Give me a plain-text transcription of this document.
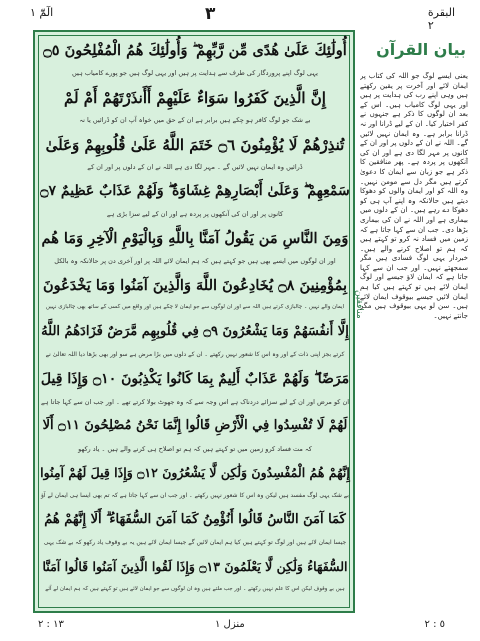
الٓمّٓ ١	٣	البقرة ٢
أُولَٰئِكَ عَلَىٰ هُدًى مِّن رَّبِّهِمْ ۖ وَأُولَٰئِكَ هُمُ الْمُفْلِحُونَ ۝٥
یہی لوگ اپنے پروردگار کی طرف سے ہدایت پر ہیں اور یہی لوگ ہیں جو پورے کامیاب ہیں
إِنَّ الَّذِينَ كَفَرُوا سَوَاءٌ عَلَيْهِمْ أَأَنذَرْتَهُمْ أَمْ لَمْ
بے شک جو لوگ کافر ہو چکے ہیں برابر ہے ان کے حق میں خواہ آپ ان کو ڈرائیں یا نہ
تُنذِرْهُمْ لَا يُؤْمِنُونَ ۝٦ خَتَمَ اللَّهُ عَلَىٰ قُلُوبِهِمْ وَعَلَىٰ
ڈرائیں وہ ایمان نہیں لائیں گے ۔ مہر لگا دی ہے اللہ نے ان کے دلوں پر اور ان کے
سَمْعِهِمْ ۖ وَعَلَىٰ أَبْصَارِهِمْ غِشَاوَةٌ ۖ وَلَهُمْ عَذَابٌ عَظِيمٌ ۝٧
کانوں پر اور ان کی آنکھوں پر پردہ ہے اور ان کے لیے سزا بڑی ہے
وَمِنَ النَّاسِ مَن يَقُولُ آمَنَّا بِاللَّهِ وَبِالْيَوْمِ الْآخِرِ وَمَا هُم
اور ان لوگوں میں ایسے بھی ہیں جو کہتے ہیں کہ ہم ایمان لائے اللہ پر اور آخری دن پر حالانکہ وہ بالکل
بِمُؤْمِنِينَ ۝٨ يُخَادِعُونَ اللَّهَ وَالَّذِينَ آمَنُوا وَمَا يَخْدَعُونَ
ایمان والے نہیں ۔ چالبازی کرتے ہیں اللہ سے اور ان لوگوں سے جو ایمان لا چکے ہیں اور واقع میں کسی کے ساتھ بھی چالبازی نہیں
إِلَّا أَنفُسَهُمْ وَمَا يَشْعُرُونَ ۝٩ فِي قُلُوبِهِم مَّرَضٌ فَزَادَهُمُ اللَّهُ
کرتے بجز اپنی ذات کے اور وہ اس کا شعور نہیں رکھتے ۔ ان کے دلوں میں بڑا مرض ہے سو اور بھی بڑھا دیا اللہ تعالیٰ نے
مَرَضًا ۖ وَلَهُمْ عَذَابٌ أَلِيمٌ بِمَا كَانُوا يَكْذِبُونَ ۝١٠ وَإِذَا قِيلَ
ان کو مرض اور ان کے لیے سزائے دردناک ہے اس وجہ سے کہ وہ جھوٹ بولا کرتے تھے ۔ اور جب ان سے کہا جاتا ہے
لَهُمْ لَا تُفْسِدُوا فِي الْأَرْضِ قَالُوا إِنَّمَا نَحْنُ مُصْلِحُونَ ۝١١ أَلَا
کہ مت فساد کرو زمین میں تو کہتے ہیں کہ ہم تو اصلاح ہی کرنے والے ہیں ۔ یاد رکھو
إِنَّهُمْ هُمُ الْمُفْسِدُونَ وَلَٰكِن لَّا يَشْعُرُونَ ۝١٢ وَإِذَا قِيلَ لَهُمْ آمِنُوا
بے شک یہی لوگ مفسد ہیں لیکن وہ اس کا شعور نہیں رکھتے ۔ اور جب ان سے کہا جاتا ہے کہ تم بھی ایسا ہی ایمان لے آؤ
كَمَا آمَنَ النَّاسُ قَالُوا أَنُؤْمِنُ كَمَا آمَنَ السُّفَهَاءُ ۗ أَلَا إِنَّهُمْ هُمُ
جیسا ایمان لائے ہیں اور لوگ تو کہتے ہیں کیا ہم ایمان لائیں گے جیسا ایمان لائے ہیں یہ بے وقوف یاد رکھو کہ بے شک یہی
السُّفَهَاءُ وَلَٰكِن لَّا يَعْلَمُونَ ۝١٣ وَإِذَا لَقُوا الَّذِينَ آمَنُوا قَالُوا آمَنَّا
ہیں بے وقوف لیکن اس کا علم نہیں رکھتے ۔ اور جب ملتے ہیں وہ ان لوگوں سے جو ایمان لائے ہیں تو کہتے ہیں کہ ہم ایمان لے آئے
بیان القرآن
منافقین
یعنی ایسے لوگ جو اللہ کی کتاب پر ایمان لائے اور آخرت پر یقین رکھتے ہیں وہی اپنے رب کی ہدایت پر ہیں اور یہی لوگ کامیاب ہیں۔ اس کے بعد ان لوگوں کا ذکر ہے جنہوں نے کفر اختیار کیا۔ ان کے لیے ڈرانا اور نہ ڈرانا برابر ہے۔ وہ ایمان نہیں لائیں گے۔ اللہ نے ان کے دلوں پر اور ان کے کانوں پر مہر لگا دی ہے اور ان کی آنکھوں پر پردہ ہے۔ پھر منافقین کا ذکر ہے جو زبان سے ایمان کا دعویٰ کرتے ہیں مگر دل سے مومن نہیں۔ وہ اللہ کو اور ایمان والوں کو دھوکا دیتے ہیں حالانکہ وہ اپنے آپ ہی کو دھوکا دے رہے ہیں۔ ان کے دلوں میں بیماری ہے اور اللہ نے ان کی بیماری بڑھا دی۔ جب ان سے کہا جاتا ہے کہ زمین میں فساد نہ کرو تو کہتے ہیں کہ ہم تو اصلاح کرنے والے ہیں۔ خبردار یہی لوگ فسادی ہیں مگر سمجھتے نہیں۔ اور جب ان سے کہا جاتا ہے کہ ایمان لاؤ جیسے اور لوگ ایمان لائے ہیں تو کہتے ہیں کیا ہم ایمان لائیں جیسے بیوقوف ایمان لائے ہیں۔ سن لو یہی بیوقوف ہیں مگر جانتے نہیں۔
١٣ : ٢	منزل ١	٥ : ٢
